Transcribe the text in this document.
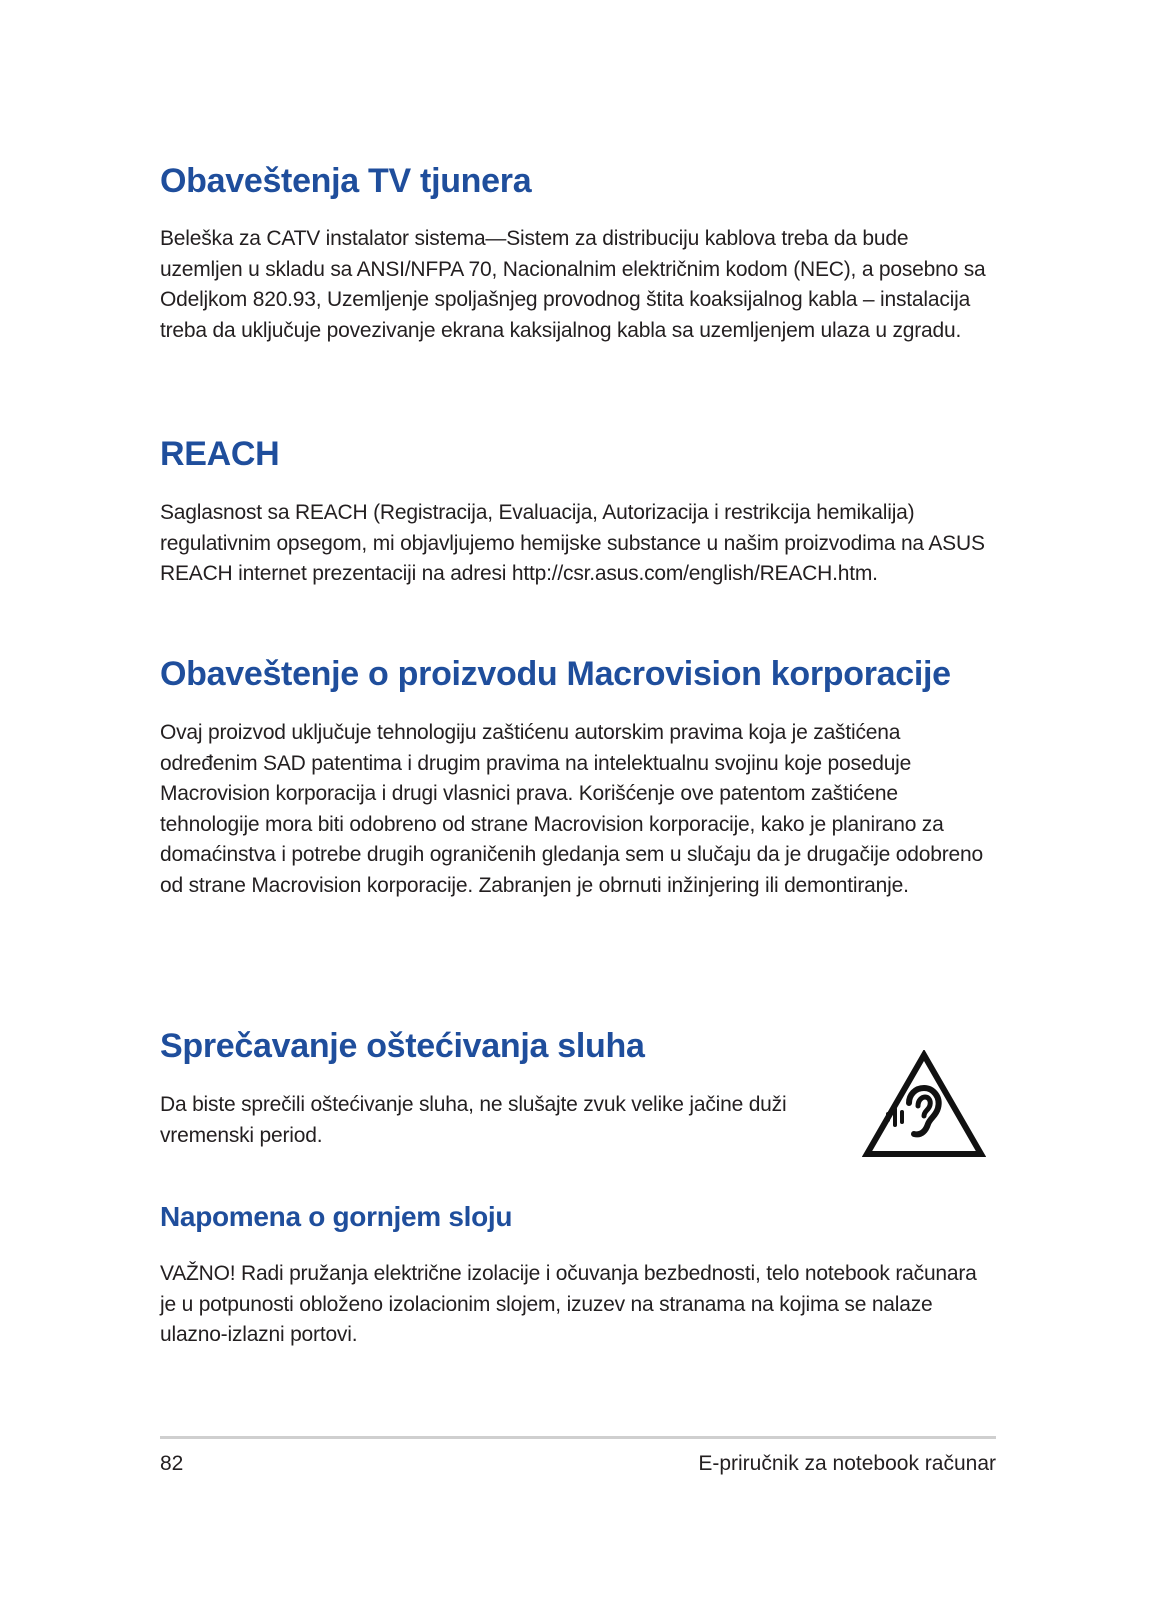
Obaveštenja TV tjunera

Beleška za CATV instalator sistema—Sistem za distribuciju kablova treba da bude uzemljen u skladu sa ANSI/NFPA 70, Nacionalnim električnim kodom (NEC), a posebno sa Odeljkom 820.93, Uzemljenje spoljašnjeg provodnog štita koaksijalnog kabla – instalacija treba da uključuje povezivanje ekrana kaksijalnog kabla sa uzemljenjem ulaza u zgradu.

REACH

Saglasnost sa REACH (Registracija, Evaluacija, Autorizacija i restrikcija hemikalija) regulativnim opsegom, mi objavljujemo hemijske substance u našim proizvodima na ASUS REACH internet prezentaciji na adresi http://csr.asus.com/english/REACH.htm.

Obaveštenje o proizvodu Macrovision korporacije

Ovaj proizvod uključuje tehnologiju zaštićenu autorskim pravima koja je zaštićena određenim SAD patentima i drugim pravima na intelektualnu svojinu koje poseduje Macrovision korporacija i drugi vlasnici prava. Korišćenje ove patentom zaštićene tehnologije mora biti odobreno od strane Macrovision korporacije, kako je planirano za domaćinstva i potrebe drugih ograničenih gledanja sem u slučaju da je drugačije odobreno od strane Macrovision korporacije. Zabranjen je obrnuti inžinjering ili demontiranje.

Sprečavanje oštećivanja sluha

Da biste sprečili oštećivanje sluha, ne slušajte zvuk velike jačine duži vremenski period.

Napomena o gornjem sloju

VAŽNO! Radi pružanja električne izolacije i očuvanja bezbednosti, telo notebook računara je u potpunosti obloženo izolacionim slojem, izuzev na stranama na kojima se nalaze ulazno-izlazni portovi.

82	E-priručnik za notebook računar
